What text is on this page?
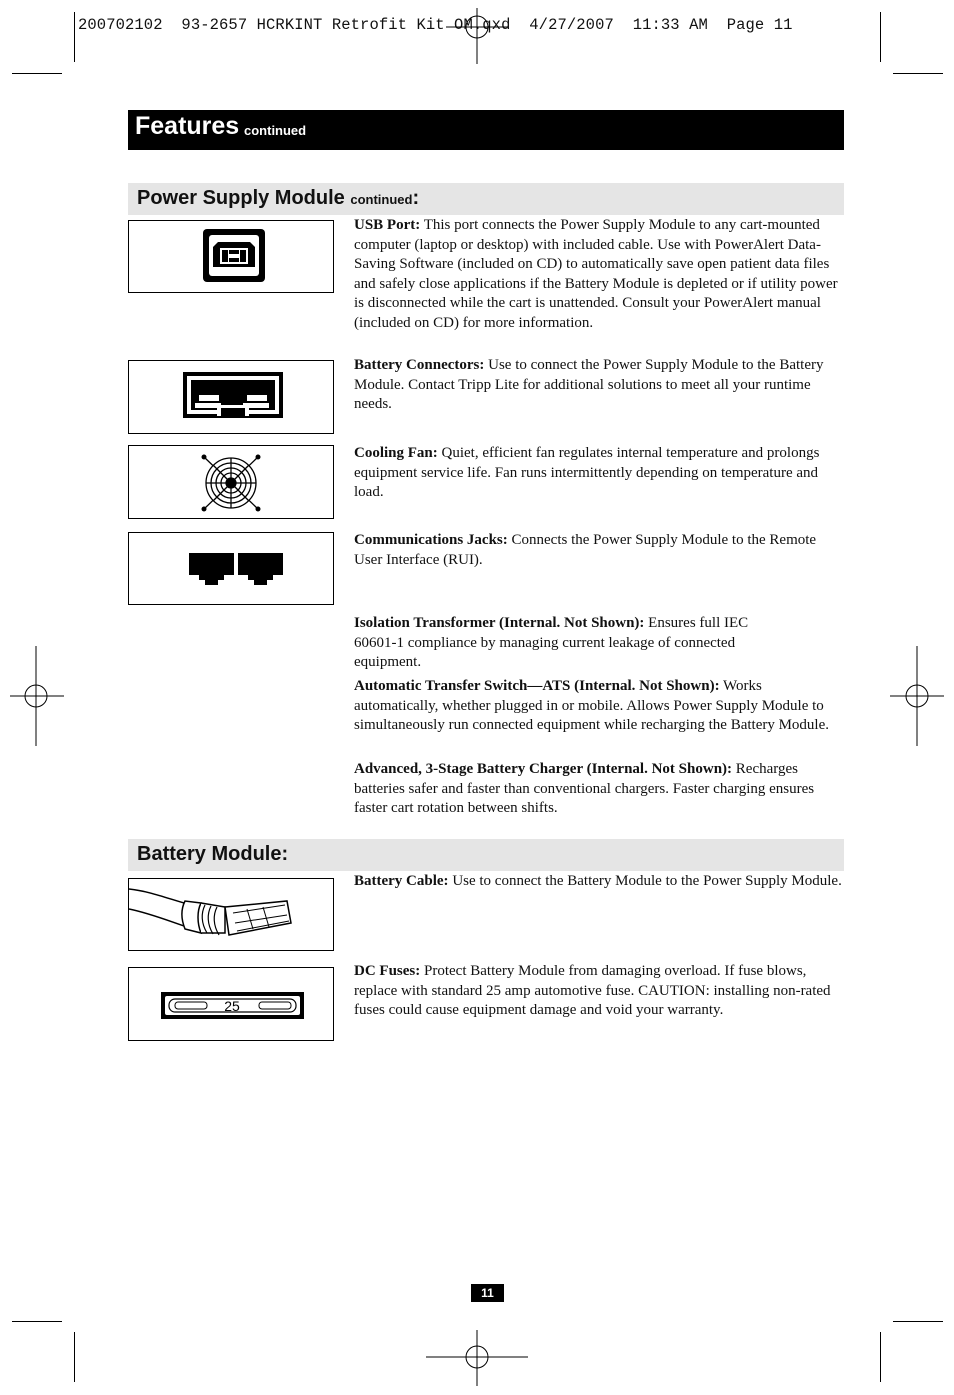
200702102  93-2657 HCRKINT Retrofit Kit OM.qxd  4/27/2007  11:33 AM  Page 11
Features continued
Power Supply Module continued:
USB Port: This port connects the Power Supply Module to any cart-mounted computer (laptop or desktop) with included cable. Use with PowerAlert Data-Saving Software (included on CD) to automatically save open patient data files and safely close applications if the Battery Module is depleted or if utility power is disconnected while the cart is unattended. Consult your PowerAlert manual (included on CD) for more information.
Battery Connectors: Use to connect the Power Supply Module to the Battery Module. Contact Tripp Lite for additional solutions to meet all your runtime needs.
Cooling Fan: Quiet, efficient fan regulates internal temperature and prolongs equipment service life. Fan runs intermittently depending on temperature and load.
Communications Jacks: Connects the Power Supply Module to the Remote User Interface (RUI).
Isolation Transformer (Internal. Not Shown): Ensures full IEC 60601-1 compliance by managing current leakage of connected equipment.
Automatic Transfer Switch—ATS (Internal. Not Shown): Works automatically, whether plugged in or mobile. Allows Power Supply Module to simultaneously run connected equipment while recharging the Battery Module.
Advanced, 3-Stage Battery Charger (Internal. Not Shown): Recharges batteries safer and faster than conventional chargers. Faster charging ensures faster cart rotation between shifts.
Battery Module:
Battery Cable: Use to connect the Battery Module to the Power Supply Module.
25
DC Fuses: Protect Battery Module from damaging overload. If fuse blows, replace with standard 25 amp automotive fuse. CAUTION: installing non-rated fuses could cause equipment damage and void your warranty.
11
